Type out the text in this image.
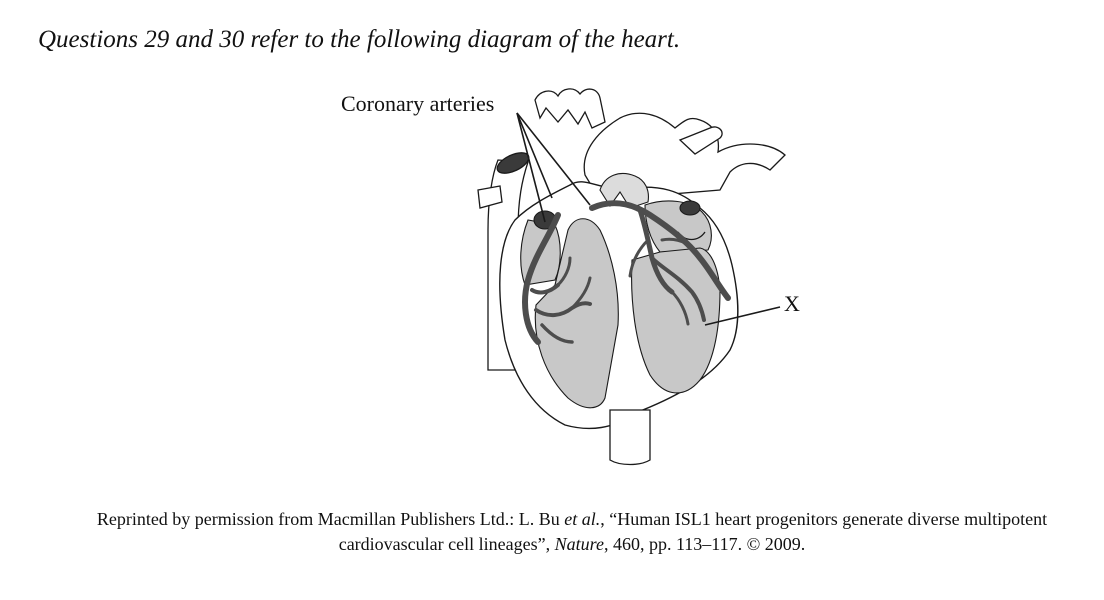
Questions 29 and 30 refer to the following diagram of the heart.
Coronary arteries
X
Reprinted by permission from Macmillan Publishers Ltd.: L. Bu et al., “Human ISL1 heart progenitors generate diverse multipotent
cardiovascular cell lineages”, Nature, 460, pp. 113–117. © 2009.
